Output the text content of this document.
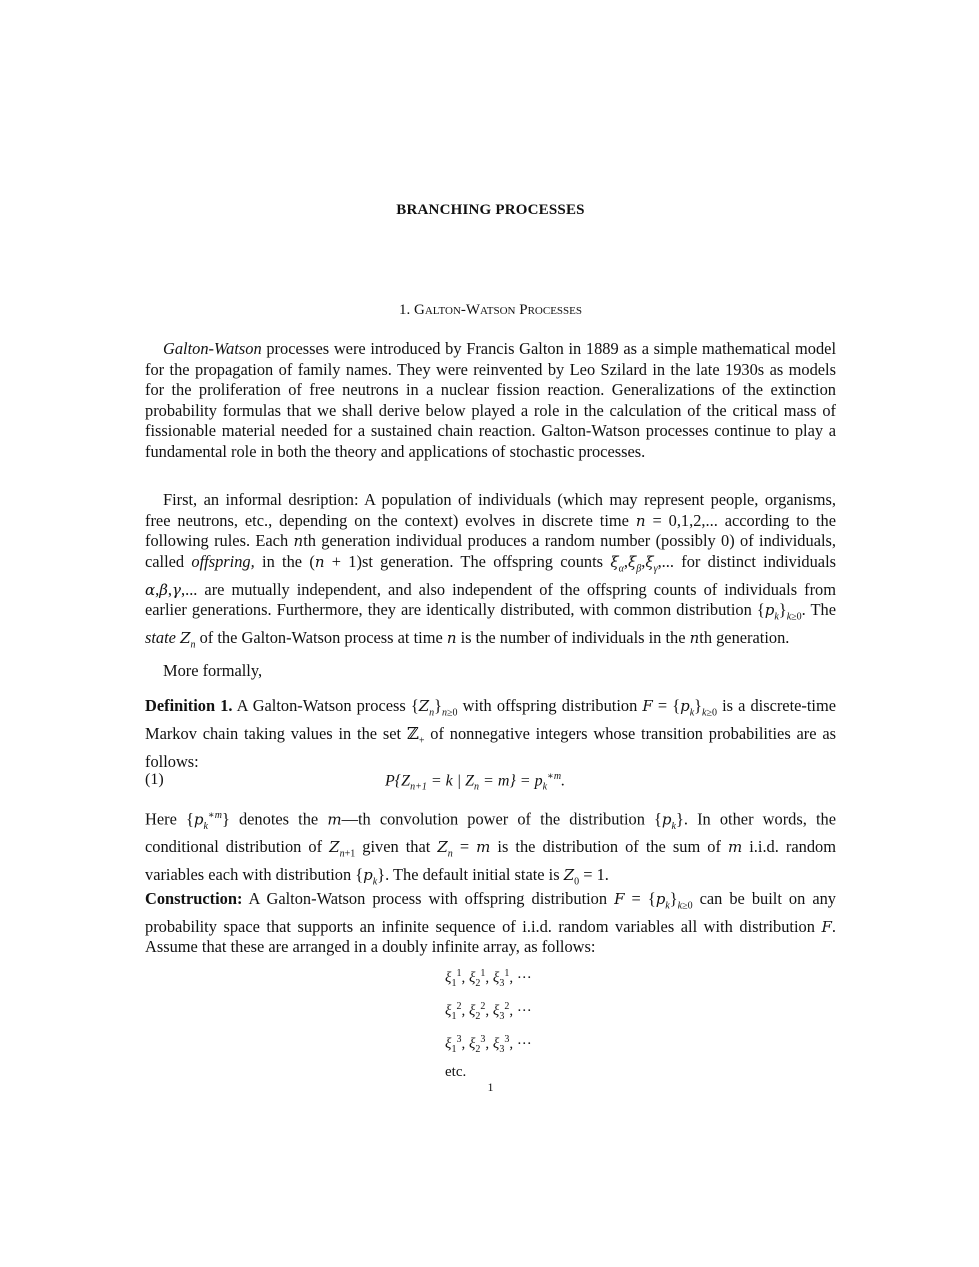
BRANCHING PROCESSES
1. Galton-Watson Processes

Galton-Watson processes were introduced by Francis Galton in 1889 as a simple mathematical model for the propagation of family names. They were reinvented by Leo Szilard in the late 1930s as models for the proliferation of free neutrons in a nuclear fission reaction. Generalizations of the extinction probability formulas that we shall derive below played a role in the calculation of the critical mass of fissionable material needed for a sustained chain reaction. Galton-Watson processes continue to play a fundamental role in both the theory and applications of stochastic processes.

First, an informal desription: A population of individuals (which may represent people, organisms, free neutrons, etc., depending on the context) evolves in discrete time n = 0,1,2,... according to the following rules. Each nth generation individual produces a random number (possibly 0) of individuals, called offspring, in the (n + 1)st generation. The offspring counts $\xi_\alpha,\xi_\beta,\xi_\gamma$,... for distinct individuals α,β,γ,... are mutually independent, and also independent of the offspring counts of individuals from earlier generations. Furthermore, they are identically distributed, with common distribution $\{p_k\}_{k\ge 0}$. The state $Z_n$ of the Galton-Watson process at time n is the number of individuals in the nth generation.

More formally,

Definition 1. A Galton-Watson process $\{Z_n\}_{n\ge 0}$ with offspring distribution $F = \{p_k\}_{k\ge 0}$ is a discrete-time Markov chain taking values in the set ℤ$_+$ of nonnegative integers whose transition probabilities are as follows:

(1)	$P\{Z_{n+1} = k$ | $Z_n = m\} = p_k^{∗m}$.

Here $\{p_k^{∗m}\}$ denotes the m—th convolution power of the distribution $\{p_k\}$. In other words, the conditional distribution of $Z_{n+1}$ given that $Z_n = m$ is the distribution of the sum of m i.i.d. random variables each with distribution $\{p_k\}$. The default initial state is $Z_0 = 1$.

Construction: A Galton-Watson process with offspring distribution $F = \{p_k\}_{k\ge 0}$ can be built on any probability space that supports an infinite sequence of i.i.d. random variables all with distribution F. Assume that these are arranged in a doubly infinite array, as follows:

$\xi_1^1$, $\xi_2^1$, $\xi_3^1$, ···
$\xi_1^2$, $\xi_2^2$, $\xi_3^2$, ···
$\xi_1^3$, $\xi_2^3$, $\xi_3^3$, ···
etc.
1
